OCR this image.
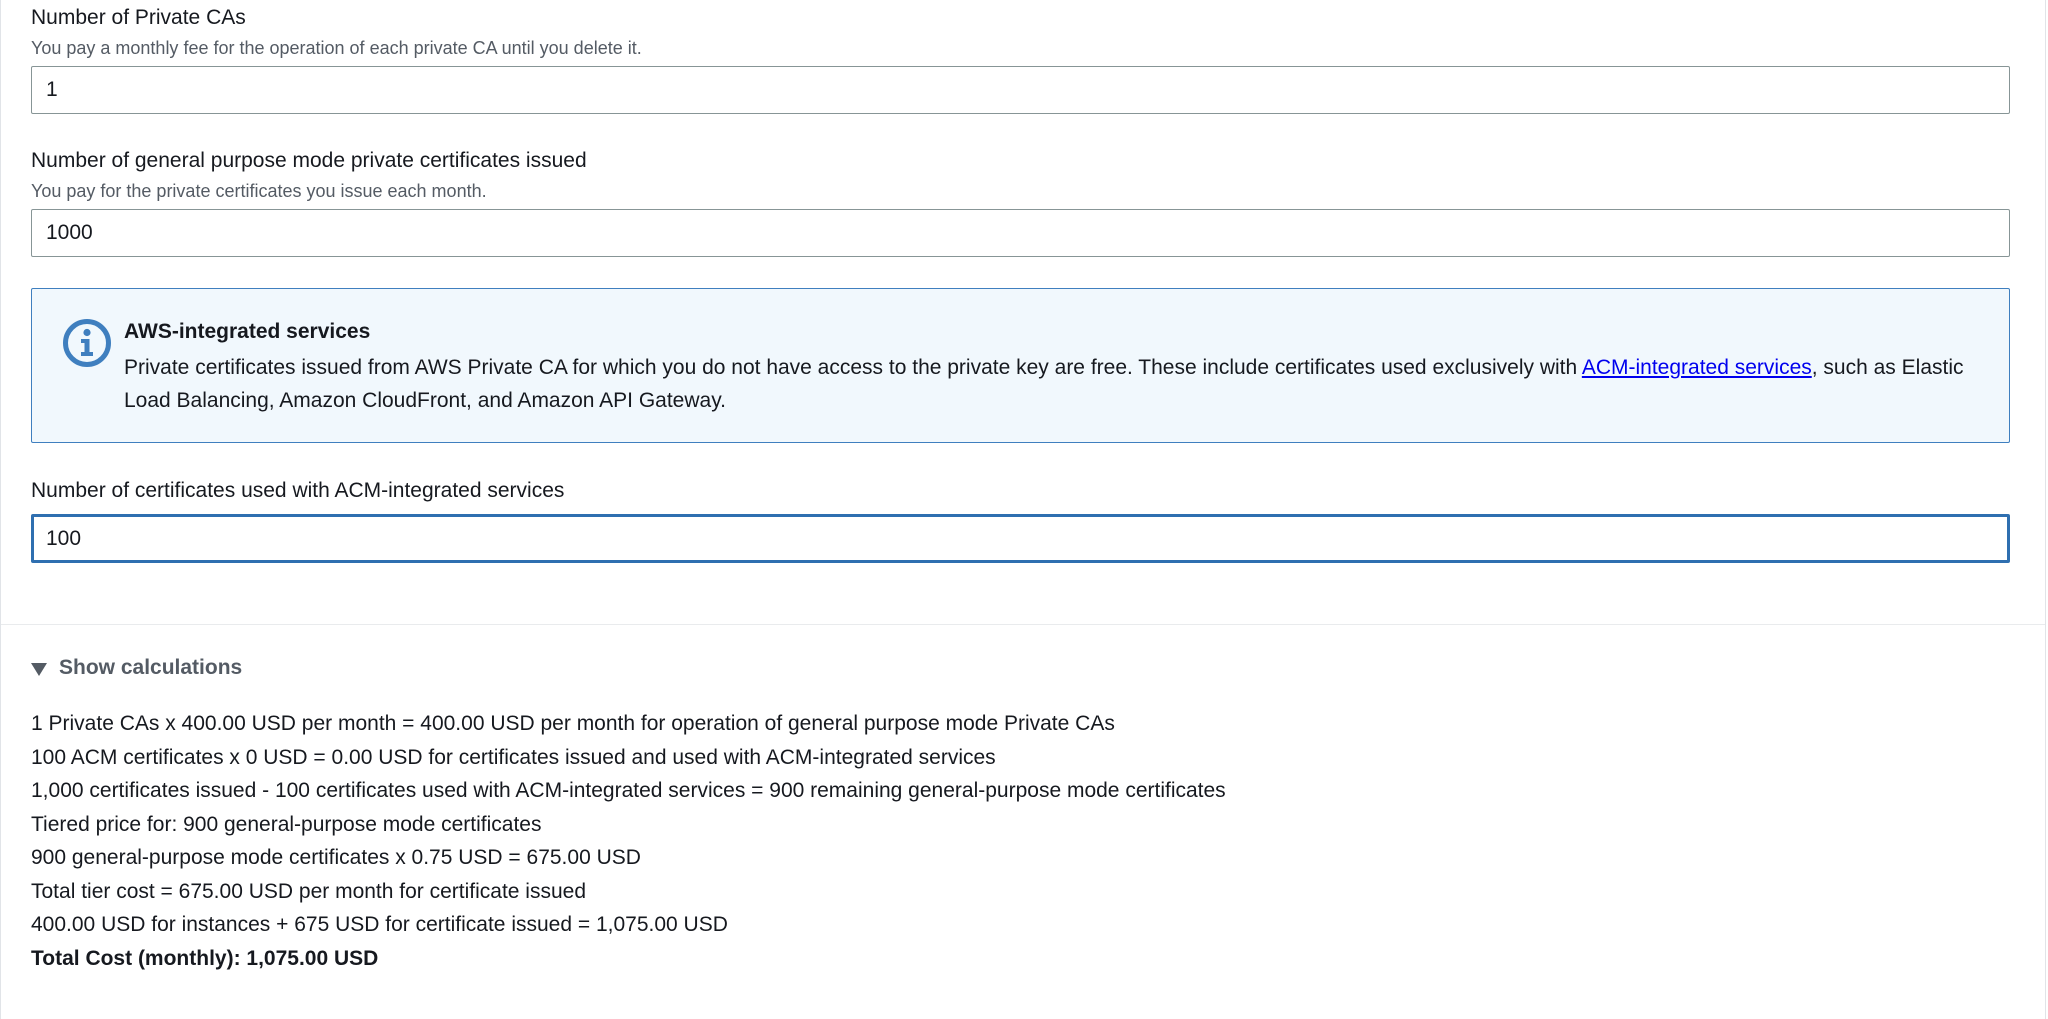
Number of Private CAs
You pay a monthly fee for the operation of each private CA until you delete it.
1
Number of general purpose mode private certificates issued
You pay for the private certificates you issue each month.
1000
AWS-integrated services
Private certificates issued from AWS Private CA for which you do not have access to the private key are free. These include certificates used exclusively with ACM-integrated services, such as Elastic Load Balancing, Amazon CloudFront, and Amazon API Gateway.
Number of certificates used with ACM-integrated services
100
Show calculations
1 Private CAs x 400.00 USD per month = 400.00 USD per month for operation of general purpose mode Private CAs
100 ACM certificates x 0 USD = 0.00 USD for certificates issued and used with ACM-integrated services
1,000 certificates issued - 100 certificates used with ACM-integrated services = 900 remaining general-purpose mode certificates
Tiered price for: 900 general-purpose mode certificates
900 general-purpose mode certificates x 0.75 USD = 675.00 USD
Total tier cost = 675.00 USD per month for certificate issued
400.00 USD for instances + 675 USD for certificate issued = 1,075.00 USD
Total Cost (monthly): 1,075.00 USD
